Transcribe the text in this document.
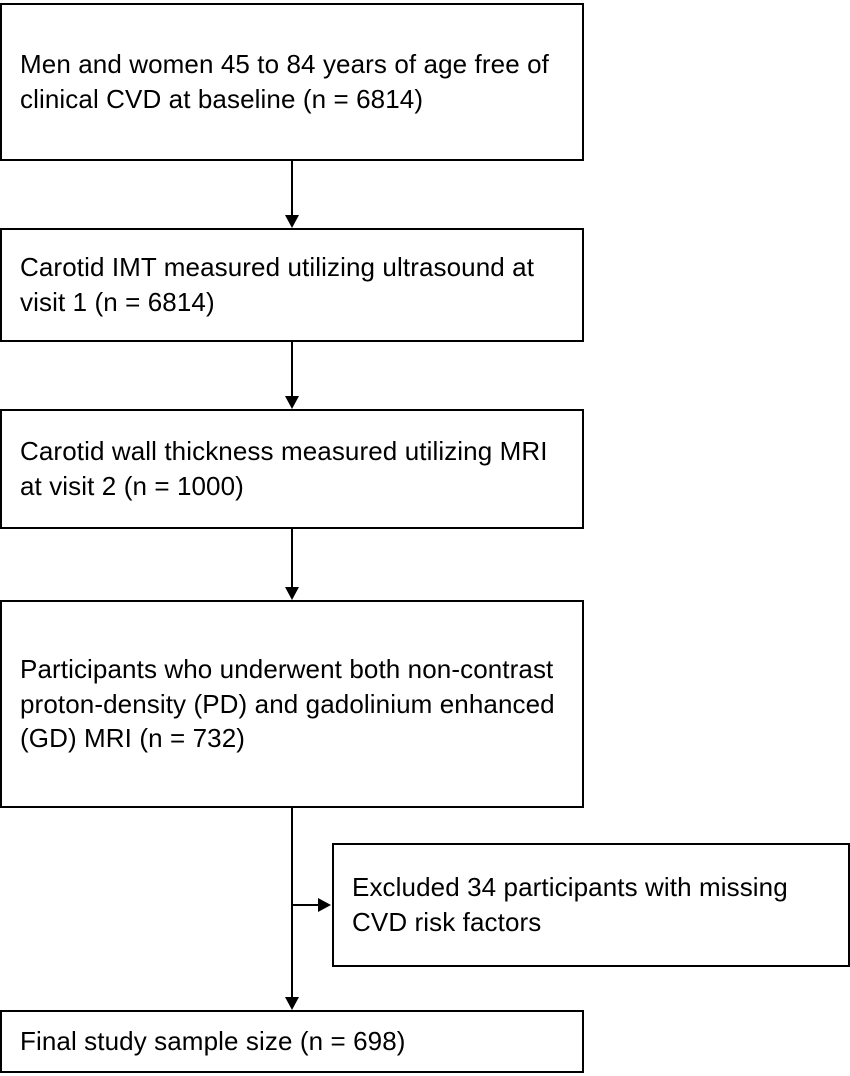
Men and women 45 to 84 years of age free of clinical CVD at baseline (n = 6814)
Carotid IMT measured utilizing ultrasound at visit 1 (n = 6814)
Carotid wall thickness measured utilizing MRI at visit 2 (n = 1000)
Participants who underwent both non-contrast proton-density (PD) and gadolinium enhanced (GD) MRI (n = 732)
Excluded 34 participants with missing CVD risk factors
Final study sample size (n = 698)
